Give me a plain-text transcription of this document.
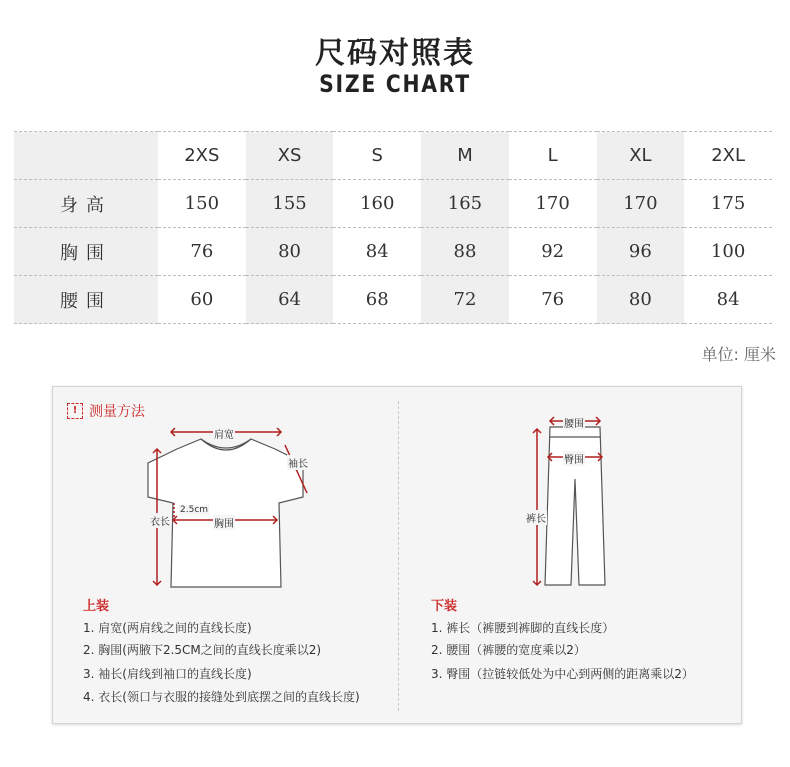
尺码对照表
SIZE CHART
	2XS	XS	S	M	L	XL	2XL
身高	150	155	160	165	170	170	175
胸围	76	80	84	88	92	96	100
腰围	60	64	68	72	76	80	84
单位: 厘米
! 测量方法
肩宽
袖长
衣长
2.5cm
胸围
腰围
臀围
裤长
上装
1. 肩宽(两肩线之间的直线长度)
2. 胸围(两腋下2.5CM之间的直线长度乘以2)
3. 袖长(肩线到袖口的直线长度)
4. 衣长(领口与衣服的接缝处到底摆之间的直线长度)
下装
1. 裤长（裤腰到裤脚的直线长度）
2. 腰围（裤腰的宽度乘以2）
3. 臀围（拉链较低处为中心到两侧的距离乘以2）
